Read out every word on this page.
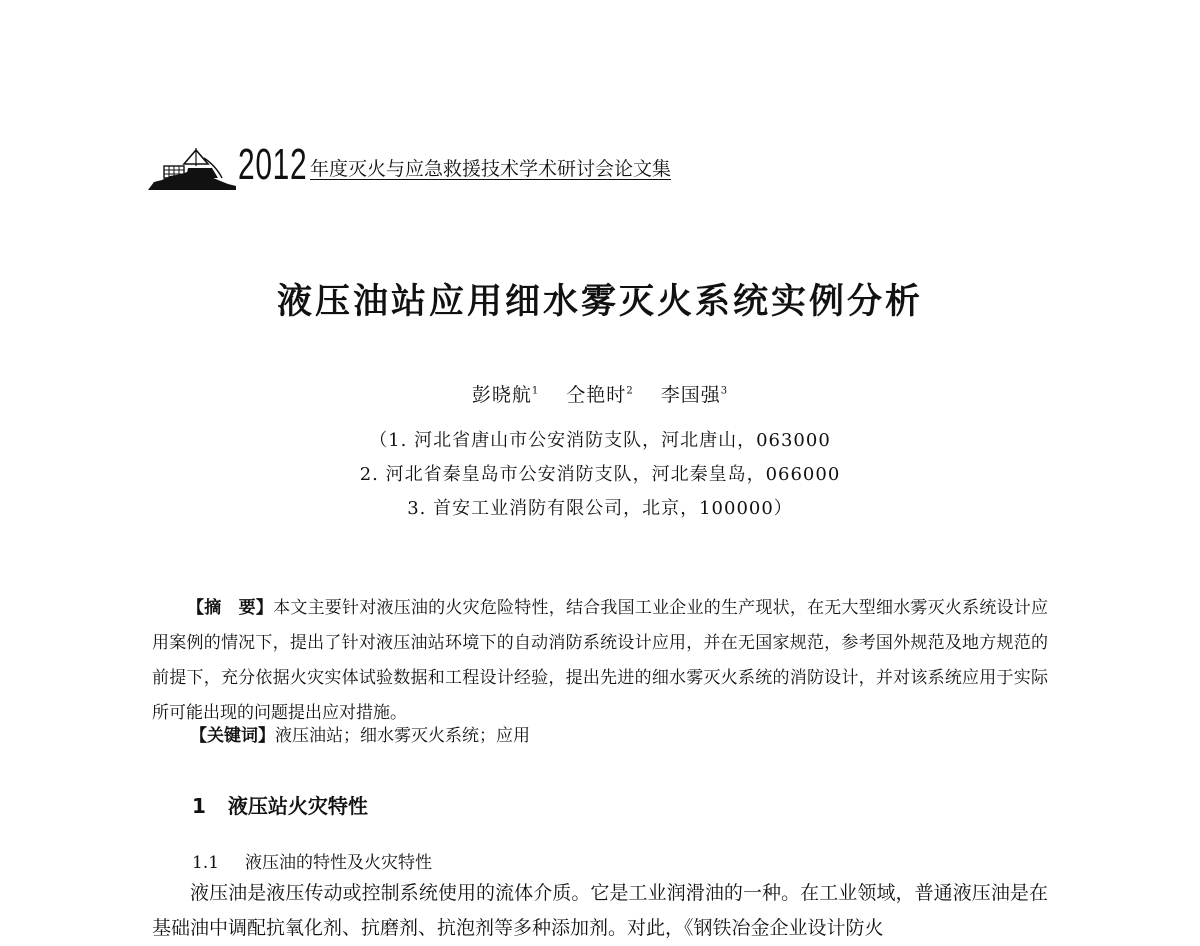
2012 年度灭火与应急救援技术学术研讨会论文集
液压油站应用细水雾灭火系统实例分析
彭晓航$^1$ 仝艳时$^2$ 李国强$^3$
（1. 河北省唐山市公安消防支队，河北唐山，063000
2. 河北省秦皇岛市公安消防支队，河北秦皇岛，066000
3. 首安工业消防有限公司，北京，100000）

【摘　要】本文主要针对液压油的火灾危险特性，结合我国工业企业的生产现状，在无大型细水雾灭火系统设计应用案例的情况下，提出了针对液压油站环境下的自动消防系统设计应用，并在无国家规范，参考国外规范及地方规范的前提下，充分依据火灾实体试验数据和工程设计经验，提出先进的细水雾灭火系统的消防设计，并对该系统应用于实际所可能出现的问题提出应对措施。

【关键词】液压油站；细水雾灭火系统；应用
1 液压站火灾特性
1.1 液压油的特性及火灾特性

液压油是液压传动或控制系统使用的流体介质。它是工业润滑油的一种。在工业领域，普通液压油是在基础油中调配抗氧化剂、抗磨剂、抗泡剂等多种添加剂。对此，《钢铁冶金企业设计防火
